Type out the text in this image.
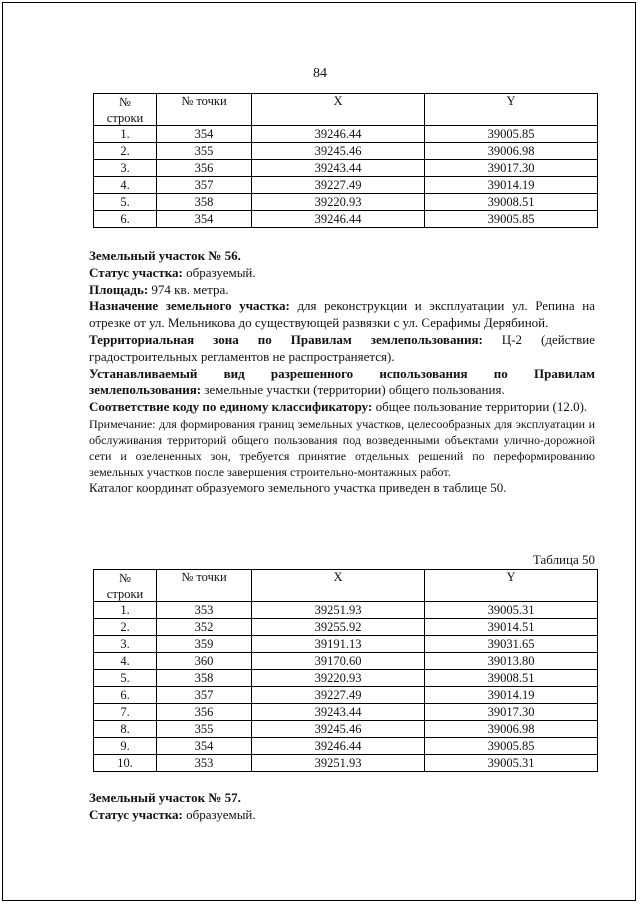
84
№	№ точки	X	Y
строки			
1.	354	39246.44	39005.85
2.	355	39245.46	39006.98
3.	356	39243.44	39017.30
4.	357	39227.49	39014.19
5.	358	39220.93	39008.51
6.	354	39246.44	39005.85

Земельный участок № 56.

Статус участка: образуемый.

Площадь: 974 кв. метра.

Назначение земельного участка: для реконструкции и эксплуатации ул. Репина на отрезке от ул. Мельникова до существующей развязки с ул. Серафимы Дерябиной.

Территориальная зона по Правилам землепользования: Ц-2 (действие градостроительных регламентов не распространяется).

Устанавливаемый вид разрешенного использования по Правилам землепользования: земельные участки (территории) общего пользования.

Соответствие коду по единому классификатору: общее пользование территории (12.0).

Примечание: для формирования границ земельных участков, целесообразных для эксплуатации и обслуживания территорий общего пользования под возведенными объектами улично-дорожной сети и озелененных зон, требуется принятие отдельных решений по переформированию земельных участков после завершения строительно-монтажных работ.

Каталог координат образуемого земельного участка приведен в таблице 50.

Таблица 50
№	№ точки	X	Y
строки			
1.	353	39251.93	39005.31
2.	352	39255.92	39014.51
3.	359	39191.13	39031.65
4.	360	39170.60	39013.80
5.	358	39220.93	39008.51
6.	357	39227.49	39014.19
7.	356	39243.44	39017.30
8.	355	39245.46	39006.98
9.	354	39246.44	39005.85
10.	353	39251.93	39005.31

Земельный участок № 57.

Статус участка: образуемый.
